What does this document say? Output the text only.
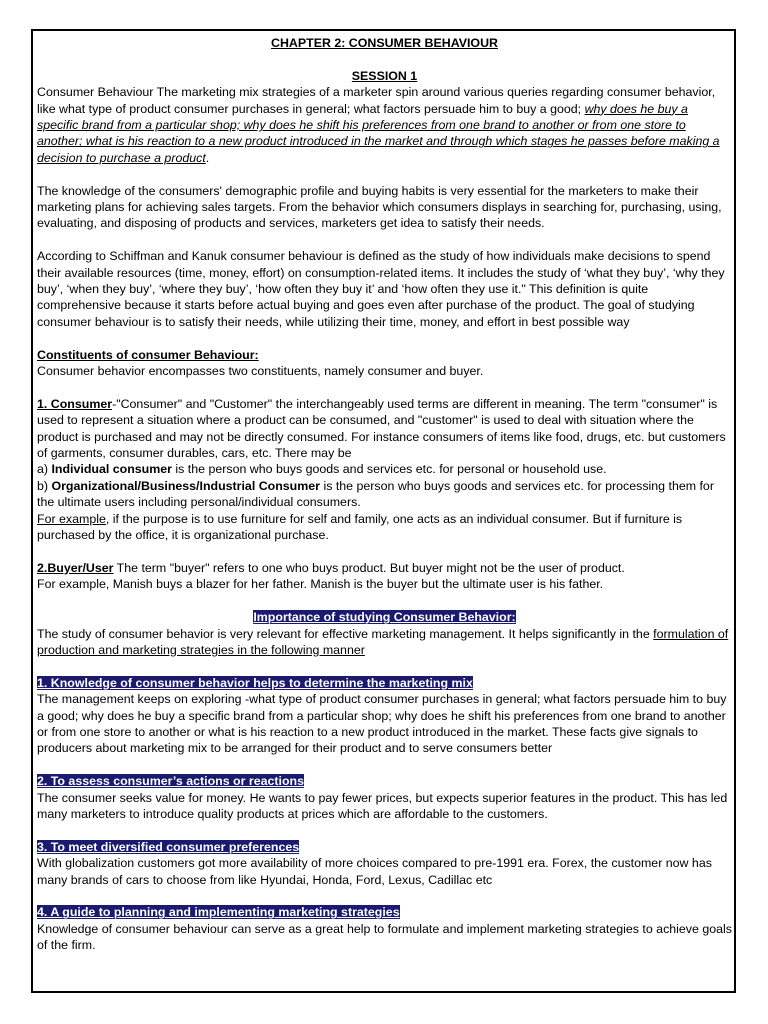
CHAPTER 2: CONSUMER BEHAVIOUR

SESSION 1

Consumer Behaviour The marketing mix strategies of a marketer spin around various queries regarding consumer behavior, like what type of product consumer purchases in general; what factors persuade him to buy a good; why does he buy a specific brand from a particular shop; why does he shift his preferences from one brand to another or from one store to another; what is his reaction to a new product introduced in the market and through which stages he passes before making a decision to purchase a product.

The knowledge of the consumers' demographic profile and buying habits is very essential for the marketers to make their marketing plans for achieving sales targets. From the behavior which consumers displays in searching for, purchasing, using, evaluating, and disposing of products and services, marketers get idea to satisfy their needs.

According to Schiffman and Kanuk consumer behaviour is defined as the study of how individuals make decisions to spend their available resources (time, money, effort) on consumption-related items. It includes the study of ‘what they buy’, ‘why they buy’, ‘when they buy’, ‘where they buy’, ‘how often they buy it’ and ‘how often they use it." This definition is quite comprehensive because it starts before actual buying and goes even after purchase of the product. The goal of studying consumer behaviour is to satisfy their needs, while utilizing their time, money, and effort in best possible way

Constituents of consumer Behaviour:

Consumer behavior encompasses two constituents, namely consumer and buyer.

1. Consumer-"Consumer" and "Customer" the interchangeably used terms are different in meaning. The term "consumer" is used to represent a situation where a product can be consumed, and "customer" is used to deal with situation where the product is purchased and may not be directly consumed. For instance consumers of items like food, drugs, etc. but customers of garments, consumer durables, cars, etc. There may be

a) Individual consumer is the person who buys goods and services etc. for personal or household use.

b) Organizational/Business/Industrial Consumer is the person who buys goods and services etc. for processing them for the ultimate users including personal/individual consumers.

For example, if the purpose is to use furniture for self and family, one acts as an individual consumer. But if furniture is purchased by the office, it is organizational purchase.

2.Buyer/User The term "buyer" refers to one who buys product. But buyer might not be the user of product.

For example, Manish buys a blazer for her father. Manish is the buyer but the ultimate user is his father.

Importance of studying Consumer Behavior:

The study of consumer behavior is very relevant for effective marketing management. It helps significantly in the formulation of production and marketing strategies in the following manner

1. Knowledge of consumer behavior helps to determine the marketing mix

The management keeps on exploring -what type of product consumer purchases in general; what factors persuade him to buy a good; why does he buy a specific brand from a particular shop; why does he shift his preferences from one brand to another or from one store to another or what is his reaction to a new product introduced in the market. These facts give signals to producers about marketing mix to be arranged for their product and to serve consumers better

2. To assess consumer’s actions or reactions

The consumer seeks value for money. He wants to pay fewer prices, but expects superior features in the product. This has led many marketers to introduce quality products at prices which are affordable to the customers.

3. To meet diversified consumer preferences

With globalization customers got more availability of more choices compared to pre-1991 era. Forex, the customer now has many brands of cars to choose from like Hyundai, Honda, Ford, Lexus, Cadillac etc

4. A guide to planning and implementing marketing strategies

Knowledge of consumer behaviour can serve as a great help to formulate and implement marketing strategies to achieve goals of the firm.
